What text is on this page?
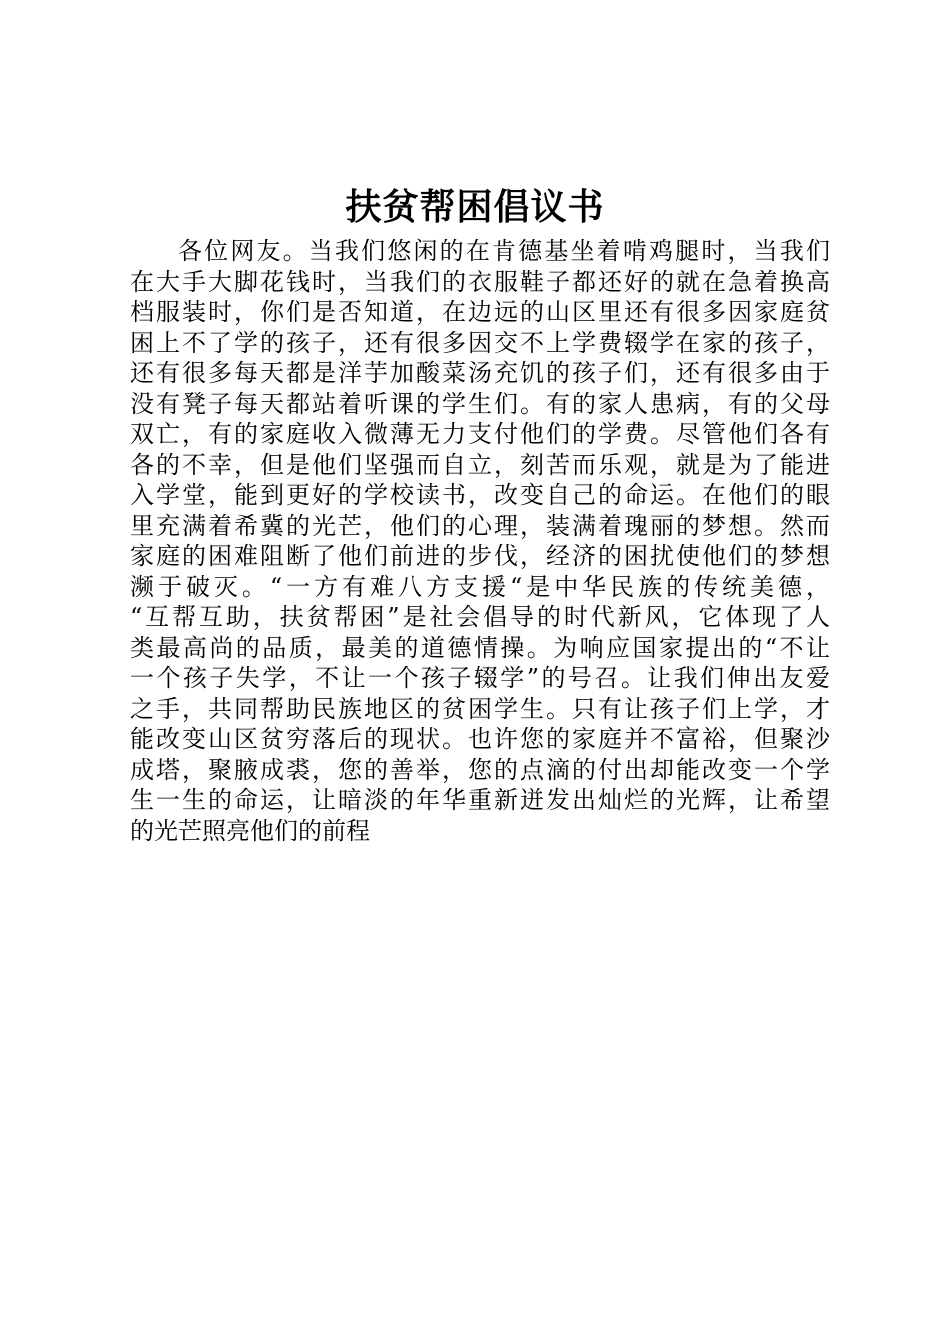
扶贫帮困倡议书
各位网友。当我们悠闲的在肯德基坐着啃鸡腿时，当我们
在大手大脚花钱时，当我们的衣服鞋子都还好的就在急着换高
档服装时，你们是否知道，在边远的山区里还有很多因家庭贫
困上不了学的孩子，还有很多因交不上学费辍学在家的孩子，
还有很多每天都是洋芋加酸菜汤充饥的孩子们，还有很多由于
没有凳子每天都站着听课的学生们。有的家人患病，有的父母
双亡，有的家庭收入微薄无力支付他们的学费。尽管他们各有
各的不幸，但是他们坚强而自立，刻苦而乐观，就是为了能进
入学堂，能到更好的学校读书，改变自己的命运。在他们的眼
里充满着希冀的光芒，他们的心理，装满着瑰丽的梦想。然而
家庭的困难阻断了他们前进的步伐，经济的困扰使他们的梦想
濒于破灭。“一方有难八方支援“是中华民族的传统美德，
“互帮互助，扶贫帮困”是社会倡导的时代新风，它体现了人
类最高尚的品质，最美的道德情操。为响应国家提出的“不让
一个孩子失学，不让一个孩子辍学”的号召。让我们伸出友爱
之手，共同帮助民族地区的贫困学生。只有让孩子们上学，才
能改变山区贫穷落后的现状。也许您的家庭并不富裕，但聚沙
成塔，聚腋成裘，您的善举，您的点滴的付出却能改变一个学
生一生的命运，让暗淡的年华重新迸发出灿烂的光辉，让希望
的光芒照亮他们的前程
